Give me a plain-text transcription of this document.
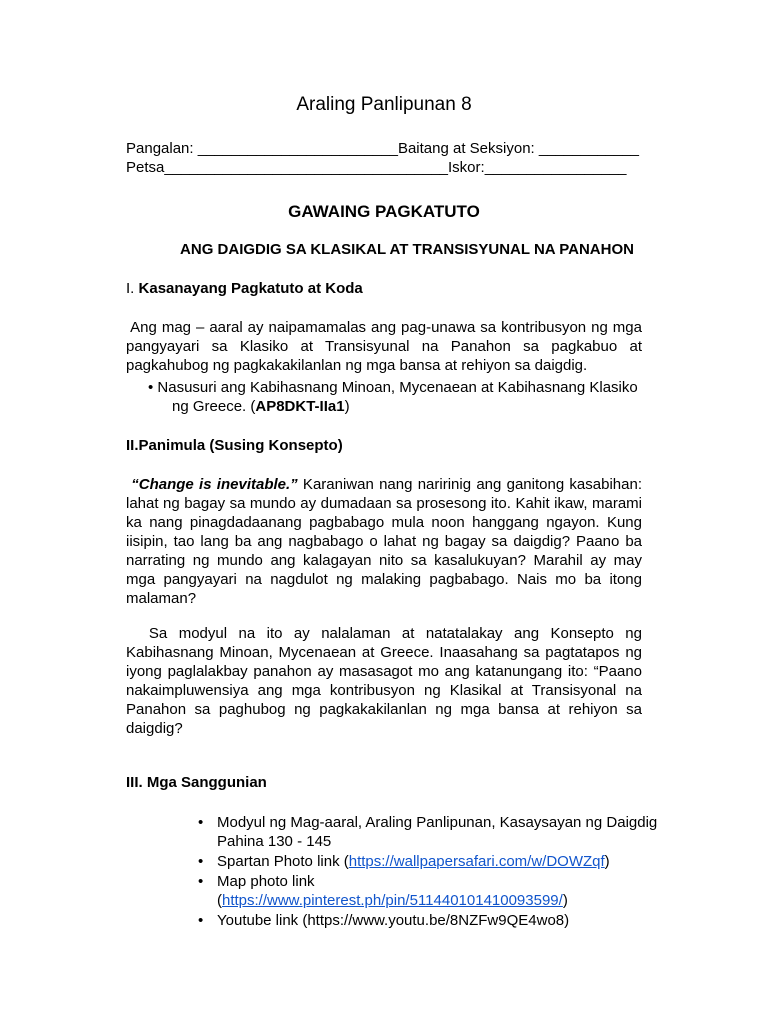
Araling Panlipunan 8
Pangalan: ________________________Baitang at Seksiyon: ____________
Petsa__________________________________Iskor:_________________
GAWAING PAGKATUTO
ANG DAIGDIG SA KLASIKAL AT TRANSISYUNAL NA PANAHON
I. Kasanayang Pagkatuto at Koda
Ang mag – aaral ay naipamamalas ang pag-unawa sa kontribusyon ng mga
pangyayari sa Klasiko at Transisyunal na Panahon sa pagkabuo at
pagkahubog ng pagkakakilanlan ng mga bansa at rehiyon sa daigdig.
• Nasusuri ang Kabihasnang Minoan, Mycenaean at Kabihasnang Klasiko
ng Greece. (AP8DKT-IIa1)
II.Panimula (Susing Konsepto)
“Change is inevitable.” Karaniwan nang naririnig ang ganitong kasabihan:
lahat ng bagay sa mundo ay dumadaan sa prosesong ito. Kahit ikaw, marami
ka nang pinagdadaanang pagbabago mula noon hanggang ngayon. Kung
iisipin, tao lang ba ang nagbabago o lahat ng bagay sa daigdig? Paano ba
narrating ng mundo ang kalagayan nito sa kasalukuyan? Marahil ay may
mga pangyayari na nagdulot ng malaking pagbabago. Nais mo ba itong
malaman?
Sa modyul na ito ay nalalaman at natatalakay ang Konsepto ng
Kabihasnang Minoan, Mycenaean at Greece. Inaasahang sa pagtatapos ng
iyong paglalakbay panahon ay masasagot mo ang katanungang ito: “Paano
nakaimpluwensiya ang mga kontribusyon ng Klasikal at Transisyonal na
Panahon sa paghubog ng pagkakakilanlan ng mga bansa at rehiyon sa
daigdig?
III. Mga Sanggunian
• Modyul ng Mag-aaral, Araling Panlipunan, Kasaysayan ng Daigdig
Pahina 130 - 145
• Spartan Photo link (https://wallpapersafari.com/w/DOWZqf)
• Map photo link
(https://www.pinterest.ph/pin/511440101410093599/)
• Youtube link (https://www.youtu.be/8NZFw9QE4wo8)
